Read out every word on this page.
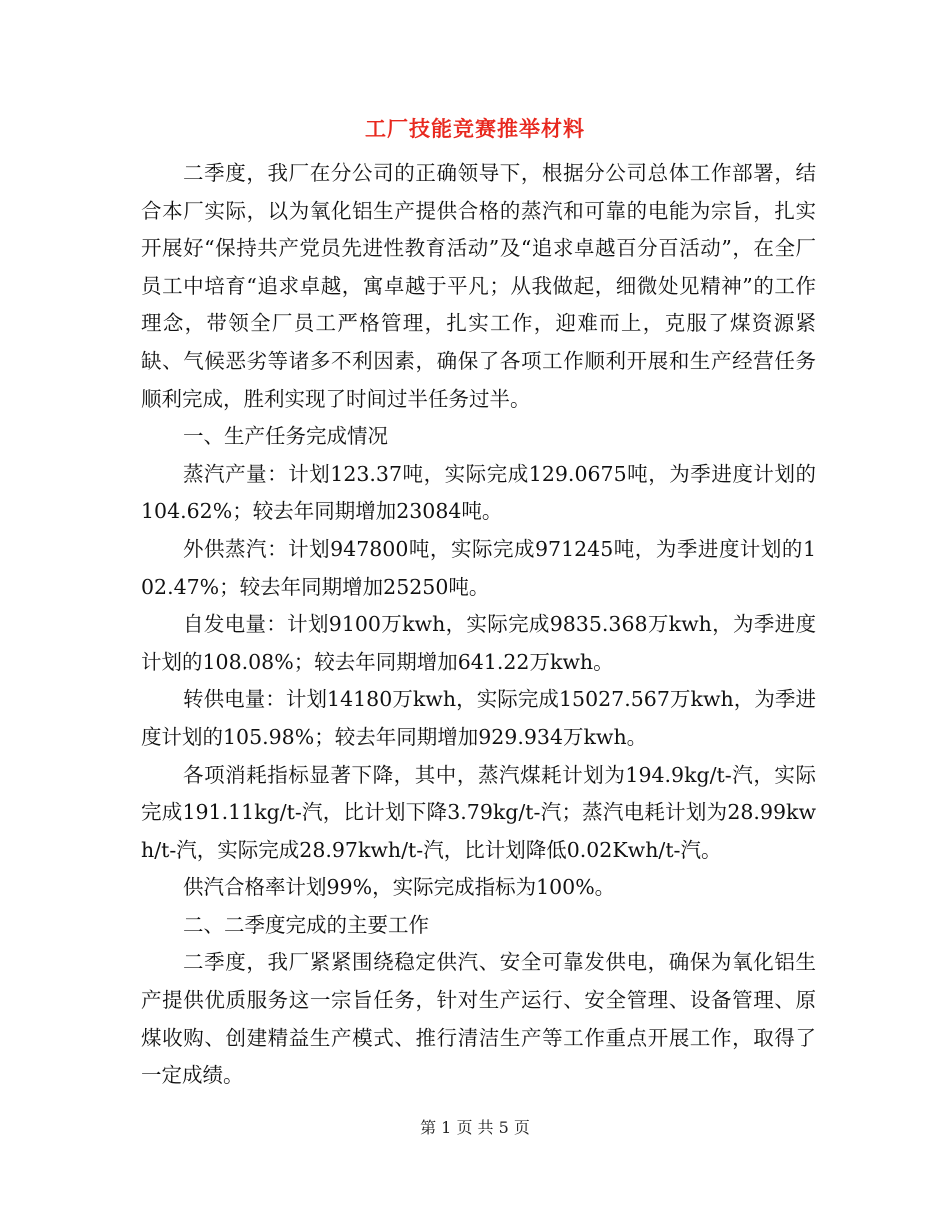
工厂技能竞赛推举材料

二季度，我厂在分公司的正确领导下，根据分公司总体工作部署，结合本厂实际，以为氧化铝生产提供合格的蒸汽和可靠的电能为宗旨，扎实开展好“保持共产党员先进性教育活动”及“追求卓越百分百活动”，在全厂员工中培育“追求卓越，寓卓越于平凡；从我做起，细微处见精神”的工作理念，带领全厂员工严格管理，扎实工作，迎难而上，克服了煤资源紧缺、气候恶劣等诸多不利因素，确保了各项工作顺利开展和生产经营任务顺利完成，胜利实现了时间过半任务过半。

一、生产任务完成情况

蒸汽产量：计划123.37吨，实际完成129.0675吨，为季进度计划的104.62%；较去年同期增加23084吨。

外供蒸汽：计划947800吨，实际完成971245吨，为季进度计划的102.47%；较去年同期增加25250吨。

自发电量：计划9100万kwh，实际完成9835.368万kwh，为季进度计划的108.08%；较去年同期增加641.22万kwh。

转供电量：计划14180万kwh，实际完成15027.567万kwh，为季进度计划的105.98%；较去年同期增加929.934万kwh。

各项消耗指标显著下降，其中，蒸汽煤耗计划为194.9kg/t-汽，实际完成191.11kg/t-汽，比计划下降3.79kg/t-汽；蒸汽电耗计划为28.99kwh/t-汽，实际完成28.97kwh/t-汽，比计划降低0.02Kwh/t-汽。

供汽合格率计划99%，实际完成指标为100%。

二、二季度完成的主要工作

二季度，我厂紧紧围绕稳定供汽、安全可靠发供电，确保为氧化铝生产提供优质服务这一宗旨任务，针对生产运行、安全管理、设备管理、原煤收购、创建精益生产模式、推行清洁生产等工作重点开展工作，取得了一定成绩。

第 1 页 共 5 页
